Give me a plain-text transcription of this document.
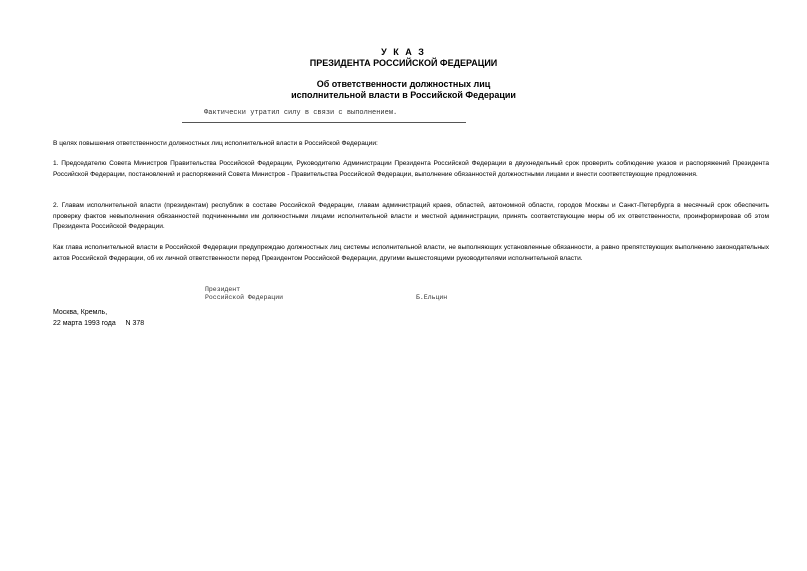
У К А З
ПРЕЗИДЕНТА РОССИЙСКОЙ ФЕДЕРАЦИИ
Об ответственности должностных лиц
исполнительной власти в Российской Федерации
Фактически утратил силу в связи с выполнением.
В целях повышения ответственности должностных лиц исполнительной власти в Российской Федерации:
1. Председателю Совета Министров Правительства Российской Федерации, Руководителю Администрации Президента Российской Федерации в двухнедельный срок проверить соблюдение указов и распоряжений Президента Российской Федерации, постановлений и распоряжений Совета Министров - Правительства Российской Федерации, выполнение обязанностей должностными лицами и внести соответствующие предложения.
2. Главам исполнительной власти (президентам) республик в составе Российской Федерации, главам администраций краев, областей, автономной области, городов Москвы и Санкт-Петербурга в месячный срок обеспечить проверку фактов невыполнения обязанностей подчиненными им должностными лицами исполнительной власти и местной администрации, принять соответствующие меры об их ответственности, проинформировав об этом Президента Российской Федерации.
Как глава исполнительной власти в Российской Федерации предупреждаю должностных лиц системы исполнительной власти, не выполняющих установленные обязанности, а равно препятствующих выполнению законодательных актов Российской Федерации, об их личной ответственности перед Президентом Российской Федерации, другими вышестоящими руководителями исполнительной власти.
Президент
Российской Федерации	Б.Ельцин
Москва, Кремль,
22 марта 1993 года     N 378
